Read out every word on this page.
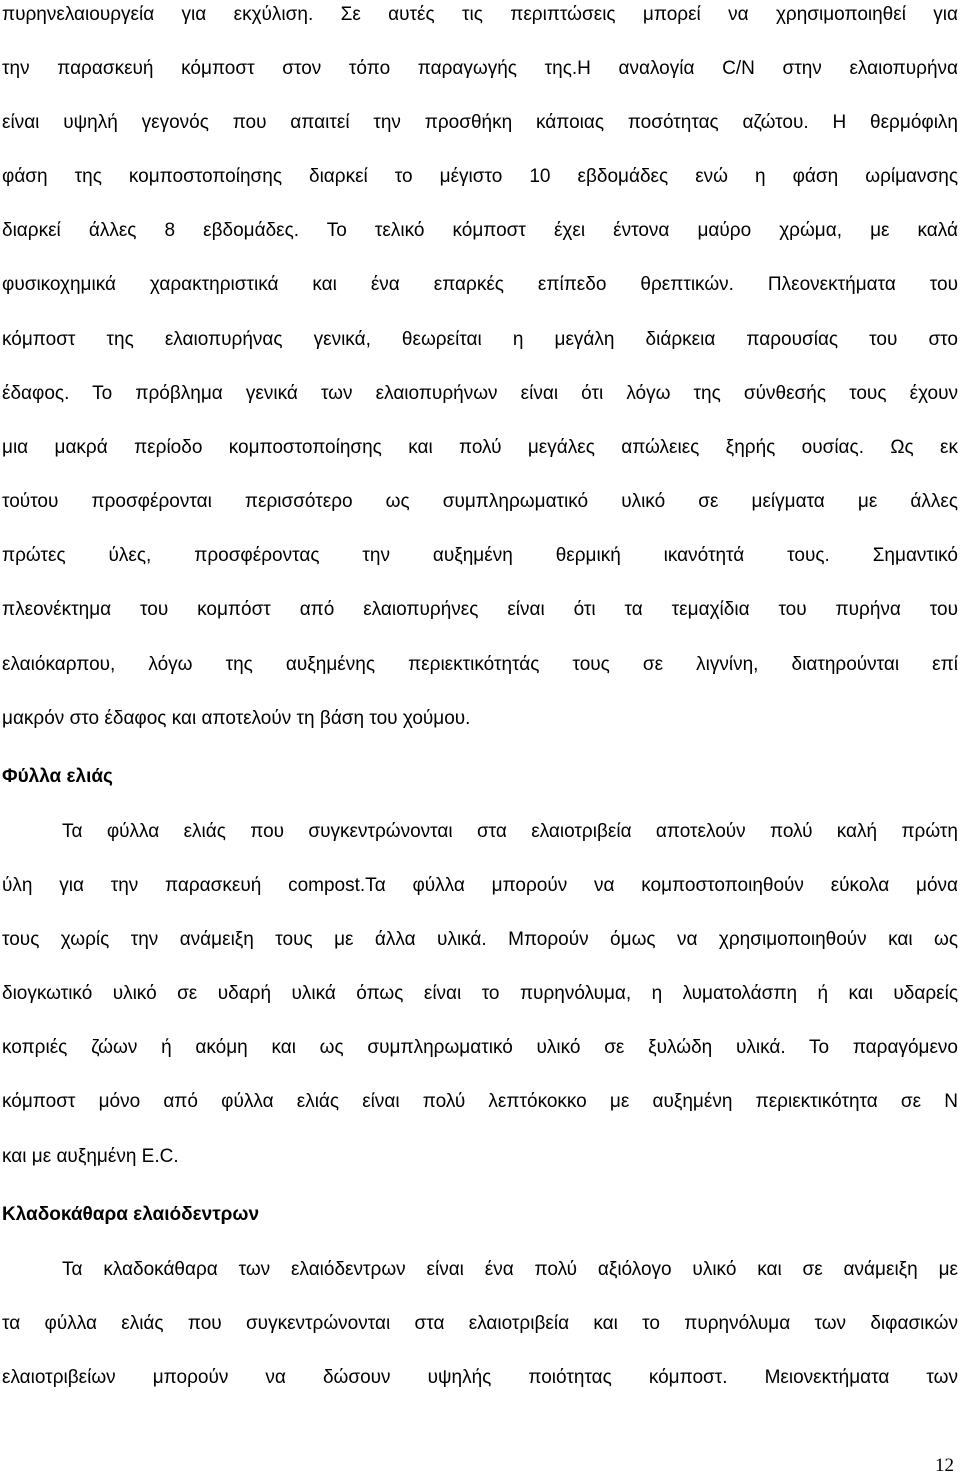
πυρηνελαιουργεία για εκχύλιση. Σε αυτές τις περιπτώσεις μπορεί να χρησιμοποιηθεί για
την παρασκευή κόμποστ στον τόπο παραγωγής της.Η αναλογία C/N στην ελαιοπυρήνα
είναι υψηλή γεγονός που απαιτεί την προσθήκη κάποιας ποσότητας αζώτου. Η θερμόφιλη
φάση της κομποστοποίησης διαρκεί το μέγιστο 10 εβδομάδες ενώ η φάση ωρίμανσης
διαρκεί άλλες 8 εβδομάδες. Το τελικό κόμποστ έχει έντονα μαύρο χρώμα, με καλά
φυσικοχημικά χαρακτηριστικά και ένα επαρκές επίπεδο θρεπτικών. Πλεονεκτήματα του
κόμποστ της ελαιοπυρήνας γενικά, θεωρείται η μεγάλη διάρκεια παρουσίας του στο
έδαφος. Το πρόβλημα γενικά των ελαιοπυρήνων είναι ότι λόγω της σύνθεσής τους έχουν
μια μακρά περίοδο κομποστοποίησης και πολύ μεγάλες απώλειες ξηρής ουσίας. Ως εκ
τούτου προσφέρονται περισσότερο ως συμπληρωματικό υλικό σε μείγματα με άλλες
πρώτες ύλες, προσφέροντας την αυξημένη θερμική ικανότητά τους. Σημαντικό
πλεονέκτημα του κομπόστ από ελαιοπυρήνες είναι ότι τα τεμαχίδια του πυρήνα του
ελαιόκαρπου, λόγω της αυξημένης περιεκτικότητάς τους σε λιγνίνη, διατηρούνται επί
μακρόν στο έδαφος και αποτελούν τη βάση του χούμου.
Φύλλα ελιάς
Τα φύλλα ελιάς που συγκεντρώνονται στα ελαιοτριβεία αποτελούν πολύ καλή πρώτη
ύλη για την παρασκευή compost.Τα φύλλα μπορούν να κομποστοποιηθούν εύκολα μόνα
τους χωρίς την ανάμειξη τους με άλλα υλικά. Μπορούν όμως να χρησιμοποιηθούν και ως
διογκωτικό υλικό σε υδαρή υλικά όπως είναι το πυρηνόλυμα, η λυματολάσπη ή και υδαρείς
κοπριές ζώων ή ακόμη και ως συμπληρωματικό υλικό σε ξυλώδη υλικά. Το παραγόμενο
κόμποστ μόνο από φύλλα ελιάς είναι πολύ λεπτόκοκκο με αυξημένη περιεκτικότητα σε Ν
και με αυξημένη E.C.
Κλαδοκάθαρα ελαιόδεντρων
Τα κλαδοκάθαρα των ελαιόδεντρων είναι ένα πολύ αξιόλογο υλικό και σε ανάμειξη με
τα φύλλα ελιάς που συγκεντρώνονται στα ελαιοτριβεία και το πυρηνόλυμα των διφασικών
ελαιοτριβείων μπορούν να δώσουν υψηλής ποιότητας κόμποστ. Μειονεκτήματα των
12
